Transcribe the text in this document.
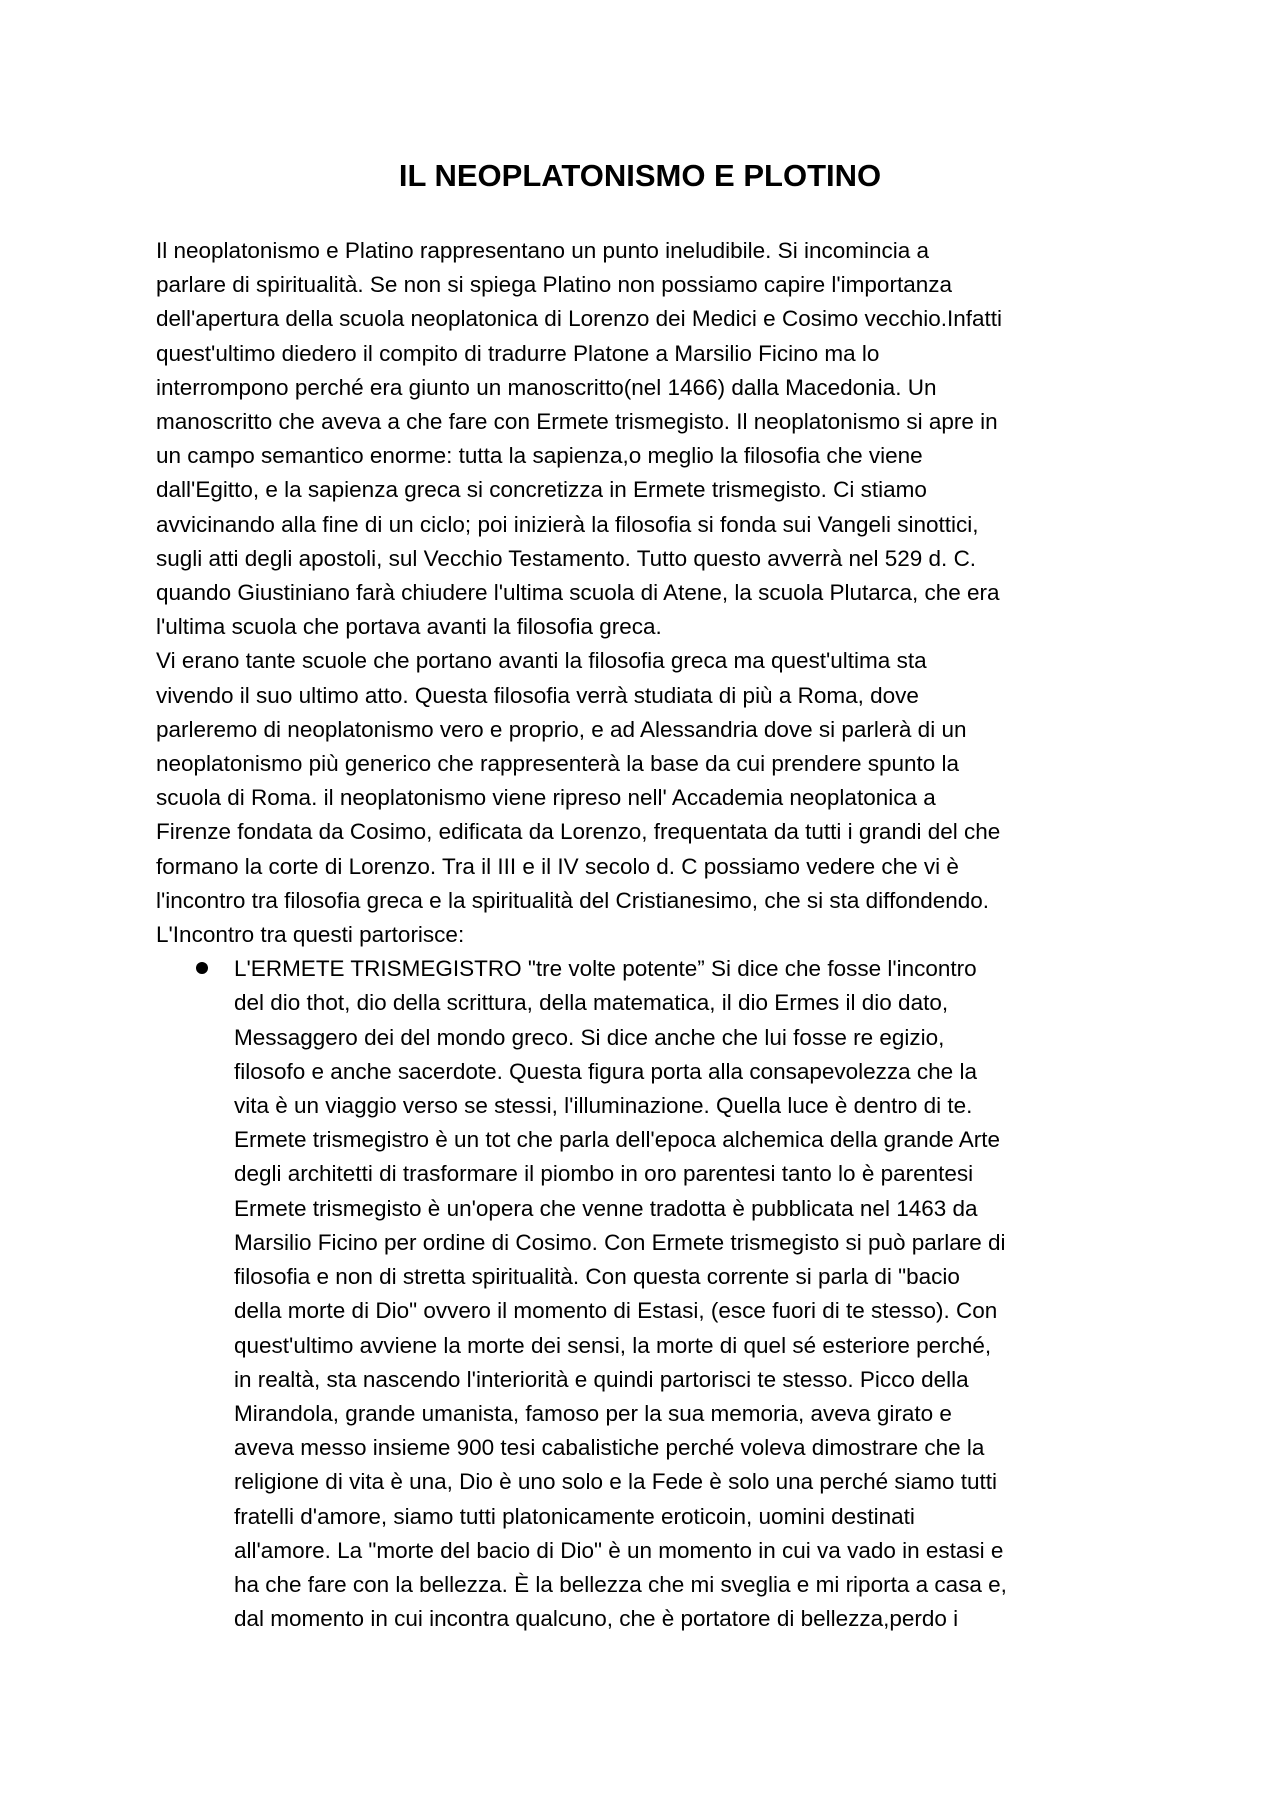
IL NEOPLATONISMO E PLOTINO

Il neoplatonismo e Platino rappresentano un punto ineludibile. Si incomincia a
parlare di spiritualità. Se non si spiega Platino non possiamo capire l'importanza
dell'apertura della scuola neoplatonica di Lorenzo dei Medici e Cosimo vecchio.Infatti
quest'ultimo diedero il compito di tradurre Platone a Marsilio Ficino ma lo
interrompono perché era giunto un manoscritto(nel 1466) dalla Macedonia. Un
manoscritto che aveva a che fare con Ermete trismegisto. Il neoplatonismo si apre in
un campo semantico enorme: tutta la sapienza,o meglio la filosofia che viene
dall'Egitto, e la sapienza greca si concretizza in Ermete trismegisto. Ci stiamo
avvicinando alla fine di un ciclo; poi inizierà la filosofia si fonda sui Vangeli sinottici,
sugli atti degli apostoli, sul Vecchio Testamento. Tutto questo avverrà nel 529 d. C.
quando Giustiniano farà chiudere l'ultima scuola di Atene, la scuola Plutarca, che era
l'ultima scuola che portava avanti la filosofia greca.

Vi erano tante scuole che portano avanti la filosofia greca ma quest'ultima sta
vivendo il suo ultimo atto. Questa filosofia verrà studiata di più a Roma, dove
parleremo di neoplatonismo vero e proprio, e ad Alessandria dove si parlerà di un
neoplatonismo più generico che rappresenterà la base da cui prendere spunto la
scuola di Roma. il neoplatonismo viene ripreso nell' Accademia neoplatonica a
Firenze fondata da Cosimo, edificata da Lorenzo, frequentata da tutti i grandi del che
formano la corte di Lorenzo. Tra il III e il IV secolo d. C possiamo vedere che vi è
l'incontro tra filosofia greca e la spiritualità del Cristianesimo, che si sta diffondendo.
L'Incontro tra questi partorisce:

L'ERMETE TRISMEGISTRO "tre volte potente” Si dice che fosse l'incontro
del dio thot, dio della scrittura, della matematica, il dio Ermes il dio dato,
Messaggero dei del mondo greco. Si dice anche che lui fosse re egizio,
filosofo e anche sacerdote. Questa figura porta alla consapevolezza che la
vita è un viaggio verso se stessi, l'illuminazione. Quella luce è dentro di te.
Ermete trismegistro è un tot che parla dell'epoca alchemica della grande Arte
degli architetti di trasformare il piombo in oro parentesi tanto lo è parentesi
Ermete trismegisto è un'opera che venne tradotta è pubblicata nel 1463 da
Marsilio Ficino per ordine di Cosimo. Con Ermete trismegisto si può parlare di
filosofia e non di stretta spiritualità. Con questa corrente si parla di "bacio
della morte di Dio" ovvero il momento di Estasi, (esce fuori di te stesso). Con
quest'ultimo avviene la morte dei sensi, la morte di quel sé esteriore perché,
in realtà, sta nascendo l'interiorità e quindi partorisci te stesso. Picco della
Mirandola, grande umanista, famoso per la sua memoria, aveva girato e
aveva messo insieme 900 tesi cabalistiche perché voleva dimostrare che la
religione di vita è una, Dio è uno solo e la Fede è solo una perché siamo tutti
fratelli d'amore, siamo tutti platonicamente eroticoin, uomini destinati
all'amore. La "morte del bacio di Dio" è un momento in cui va vado in estasi e
ha che fare con la bellezza. È la bellezza che mi sveglia e mi riporta a casa e,
dal momento in cui incontra qualcuno, che è portatore di bellezza,perdo i
